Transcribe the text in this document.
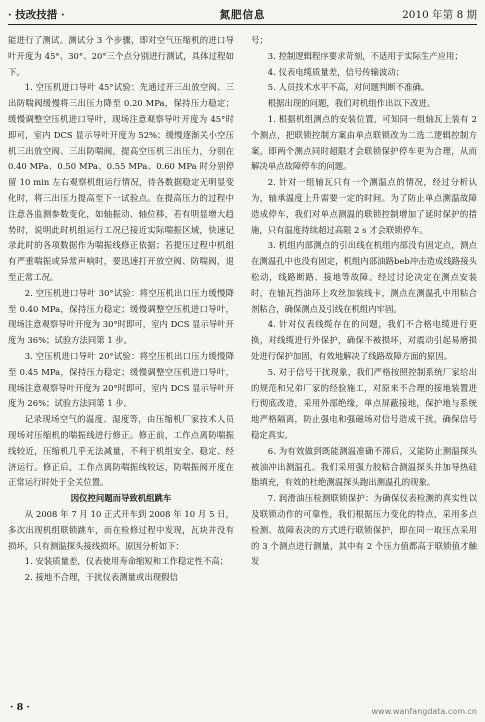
· 技改技措 ·	氮肥信息	2010 年第 8 期

能进行了测试。测试分 3 个步骤，即对空气压缩机的进口导叶开度为 45°、30°、20°三个点分别进行测试，具体过程如下。

1. 空压机进口导叶 45°试验：先通过开三出放空阀、三出防喘阀缓慢将三出压力降至 0.20 MPa，保持压力稳定；缓慢调整空压机进口导叶，现场注意观察导叶开度为 45°时即可，室内 DCS 显示导叶开度为 52%；缓慢逐渐关小空压机三出放空阀、三出防喘阀，提高空压机三出压力，分别在 0.40 MPa、0.50 MPa、0.55 MPa、0.60 MPa 时分别停留 10 min 左右观察机组运行情况，待各数据稳定无明显变化时，将三出压力提高至下一试验点。在提高压力的过程中注意各监测参数变化，如轴振动、轴位移，若有明显增大趋势时，说明此时机组运行工况已接近实际喘振区域，快速记录此时的各项数据作为喘振线修正依据；若提压过程中机组有严重喘振或异常声响时，要迅速打开放空阀、防喘阀，退至正常工况。

2. 空压机进口导叶 30°试验：将空压机出口压力缓慢降至 0.40 MPa，保持压力稳定；缓慢调整空压机进口导叶，现场注意观察导叶开度为 30°时即可，室内 DCS 显示导叶开度为 36%；试验方法同第 1 步。

3. 空压机进口导叶 20°试验：将空压机出口压力缓慢降至 0.45 MPa，保持压力稳定；缓慢调整空压机进口导叶，现场注意观察导叶开度为 20°时即可，室内 DCS 显示导叶开度为 26%；试验方法同第 1 步。

记录现场空气的温度、湿度等，由压缩机厂家技术人员现场对压缩机的喘振线进行修正。修正前，工作点离防喘振线较近，压缩机几乎无法减量，不利于机组安全、稳定、经济运行。修正后，工作点离防喘振线较远，防喘振阀开度在正常运行时处于全关位置。

因仪控问题而导致机组跳车

从 2008 年 7 月 10 正式开车到 2008 年 10 月 5 日，多次出现机组联锁跳车，而在检修过程中发现，瓦块并没有损坏，只有测温探头接线损坏。原因分析如下：

1. 安装质量差，仪表使用寿命缩短和工作稳定性不高；

2. 接地不合理，干扰仪表测量或出现假信

号；

3. 控制逻辑程序要求苛刻，不适用于实际生产应用；

4. 仪表电缆质量差，信号传输波动；

5. 人员技术水平不高，对问题判断不准确。

根据出现的问题，我们对机组作出以下改进。

1. 根据机组测点的安装位置，可知同一组轴瓦上装有 2 个测点，把联锁控制方案由单点联锁改为二选二逻辑控制方案，即两个测点同时超限才会联锁保护停车更为合理，从而解决单点故障停车的问题。

2. 针对一组轴瓦只有一个测温点的情况，经过分析认为，轴承温度上升需要一定的时间。为了防止单点测温故障造成停车，我们对单点测温的联锁控制增加了延时保护的措施，只有温度持续超过高限 2 s 才会联锁停车。

3. 机组内部测点的引出线在机组内部没有固定点，测点在测温孔中也没有固定，机组内部油路beb冲击造成线路接头松动，线路断路、接地等故障。经过讨论决定在测点安装时，在轴瓦挡油环上攻丝加装线卡，测点在测温孔中用粘合剂粘合，确保测点及引线在机组内牢固。

4. 针对仪表线缆存在的问题，我们不合格电缆进行更换，对线缆进行外保护，确保不被损坏，对震动引起易磨损处进行保护加固，有效地解决了线路故障方面的原因。

5. 对于信号干扰现象，我们严格按照控制系统厂家给出的规范和兄弟厂家的经验施工，对原来不合理的接地装置进行彻底改造，采用外部绝缘，单点屏蔽接地，保护地与系统地严格隔离，防止强电和强磁场对信号造成干扰，确保信号稳定真实。

6. 为有效做到既能测温准确不滞后，又能防止测温探头被油冲出测温孔。我们采用强力胶粘合测温探头并加导热硅脂填充，有效的杜绝测温探头跑出测温孔的现象。

7. 润滑油压检测联锁保护：为确保仪表检测的真实性以及联锁动作的可靠性，我们根据压力变化的特点，采用多点检测、故障表决的方式进行联锁保护，即在同一取压点采用的 3 个测点进行测量，其中有 2 个压力值都高于联锁值才触发

· 8 ·	www.wanfangdata.com.cn
